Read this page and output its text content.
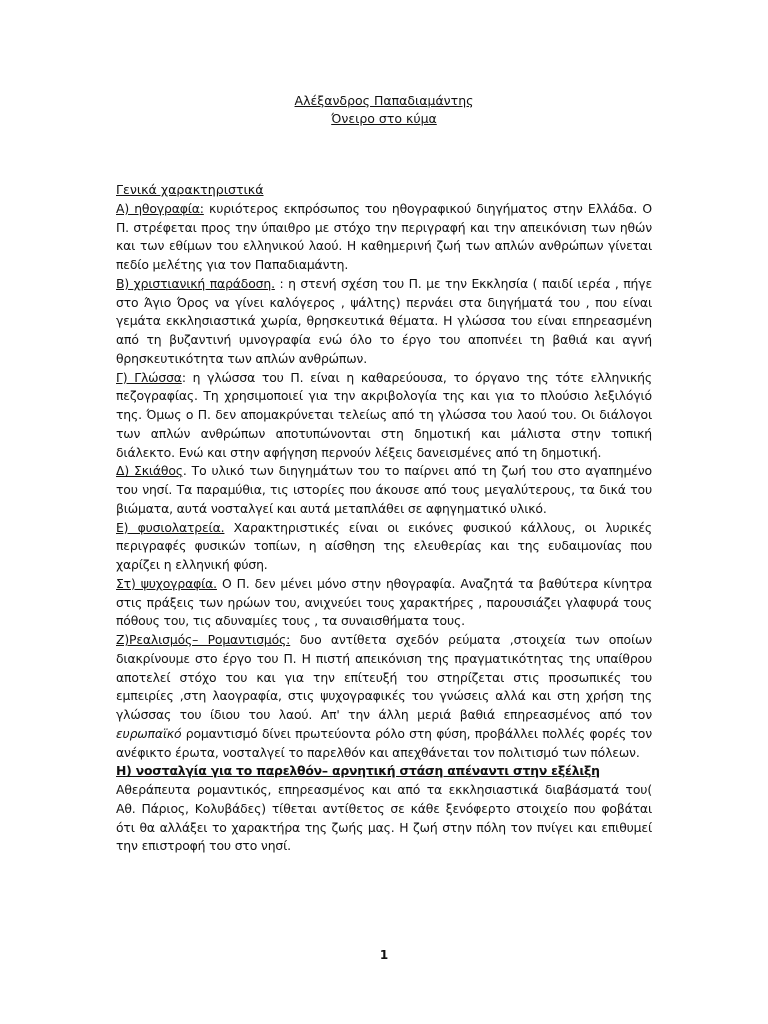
Αλέξανδρος Παπαδιαμάντης
Όνειρο στο κύμα
Γενικά χαρακτηριστικά

Α) ηθογραφία: κυριότερος εκπρόσωπος του ηθογραφικού διηγήματος στην Ελλάδα. Ο Π. στρέφεται προς την ύπαιθρο με στόχο την περιγραφή και την απεικόνιση των ηθών και των εθίμων του ελληνικού λαού. Η καθημερινή ζωή των απλών ανθρώπων γίνεται πεδίο μελέτης για τον Παπαδιαμάντη.

Β) χριστιανική παράδοση. : η στενή σχέση του Π. με την Εκκλησία ( παιδί ιερέα , πήγε στο Άγιο Όρος να γίνει καλόγερος , ψάλτης) περνάει στα διηγήματά του , που είναι γεμάτα εκκλησιαστικά χωρία, θρησκευτικά θέματα. Η γλώσσα του είναι επηρεασμένη από τη βυζαντινή υμνογραφία ενώ όλο το έργο του αποπνέει τη βαθιά και αγνή θρησκευτικότητα των απλών ανθρώπων.

Γ) Γλώσσα: η γλώσσα του Π. είναι η καθαρεύουσα, το όργανο της τότε ελληνικής πεζογραφίας. Τη χρησιμοποιεί για την ακριβολογία της και για το πλούσιο λεξιλόγιό της. Όμως ο Π. δεν απομακρύνεται τελείως από τη γλώσσα του λαού του. Οι διάλογοι των απλών ανθρώπων αποτυπώνονται στη δημοτική και μάλιστα στην τοπική διάλεκτο. Ενώ και στην αφήγηση περνούν λέξεις δανεισμένες από τη δημοτική.

Δ) Σκιάθος. Το υλικό των διηγημάτων του το παίρνει από τη ζωή του στο αγαπημένο του νησί. Τα παραμύθια, τις ιστορίες που άκουσε από τους μεγαλύτερους, τα δικά του βιώματα, αυτά νοσταλγεί και αυτά μεταπλάθει σε αφηγηματικό υλικό.

Ε) φυσιολατρεία. Χαρακτηριστικές είναι οι εικόνες φυσικού κάλλους, οι λυρικές περιγραφές φυσικών τοπίων, η αίσθηση της ελευθερίας και της ευδαιμονίας που χαρίζει η ελληνική φύση.

Στ) ψυχογραφία. Ο Π. δεν μένει μόνο στην ηθογραφία. Αναζητά τα βαθύτερα κίνητρα στις πράξεις των ηρώων του, ανιχνεύει τους χαρακτήρες , παρουσιάζει γλαφυρά τους πόθους του, τις αδυναμίες τους , τα συναισθήματα τους.

Ζ)Ρεαλισμός– Ρομαντισμός: δυο αντίθετα σχεδόν ρεύματα ,στοιχεία των οποίων διακρίνουμε στο έργο του Π. Η πιστή απεικόνιση της πραγματικότητας της υπαίθρου αποτελεί στόχο του και για την επίτευξή του στηρίζεται στις προσωπικές του εμπειρίες ,στη λαογραφία, στις ψυχογραφικές του γνώσεις αλλά και στη χρήση της γλώσσας του ίδιου του λαού. Απ' την άλλη μεριά βαθιά επηρεασμένος από τον ευρωπαϊκό ρομαντισμό δίνει πρωτεύοντα ρόλο στη φύση, προβάλλει πολλές φορές τον ανέφικτο έρωτα, νοσταλγεί το παρελθόν και απεχθάνεται τον πολιτισμό των πόλεων.

Η) νοσταλγία για το παρελθόν– αρνητική στάση απέναντι στην εξέλιξη

Αθεράπευτα ρομαντικός, επηρεασμένος και από τα εκκλησιαστικά διαβάσματά του( Αθ. Πάριος, Κολυβάδες) τίθεται αντίθετος σε κάθε ξενόφερτο στοιχείο που φοβάται ότι θα αλλάξει το χαρακτήρα της ζωής μας. Η ζωή στην πόλη τον πνίγει και επιθυμεί την επιστροφή του στο νησί.

1
